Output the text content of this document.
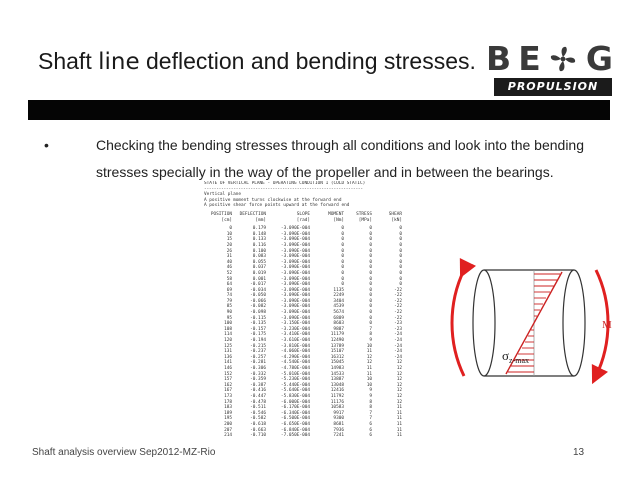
Shaft line deflection and bending stresses. B E G
PROPULSION
•	Checking the bending stresses through all conditions and look into the bending
stresses specially in the way of the propeller and in between the bearings.
STATE OF VERTICAL PLANE - OPERATING CONDITION 1 (COLD STATIC)
-----------------------------------------------------------------
Vertical plane
A positive moment turns clockwise at the forward end
A positive shear force points upward at the forward end
POSITION	DEFLECTION	SLOPE	MOMENT	STRESS	SHEAR
[cm]	[mm]	[rad]	[Nm]	[MPa]	[kN]
0	0.179	-3.090E-004	0	0	0
10	0.148	-3.090E-004	0	0	0
15	0.133	-3.090E-004	0	0	0
20	0.116	-3.090E-004	0	0	0
26	0.100	-3.090E-004	0	0	0
31	0.083	-3.090E-004	0	0	0
40	0.055	-3.090E-004	0	0	0
46	0.037	-3.090E-004	0	0	0
52	0.019	-3.090E-004	0	0	0
58	0.001	-3.090E-004	0	0	0
64	-0.017	-3.090E-004	0	0	0
69	-0.034	-3.090E-004	1135	0	-22
74	-0.050	-3.090E-004	2249	0	-22
79	-0.066	-3.090E-004	3404	0	-22
85	-0.082	-3.090E-004	4539	0	-22
90	-0.098	-3.090E-004	5674	0	-22
95	-0.115	-3.090E-004	6809	0	-22
100	-0.135	-3.150E-004	8603	0	-23
108	-0.157	-3.230E-004	9887	7	-23
114	-0.175	-3.410E-004	11179	8	-24
120	-0.194	-3.610E-004	12490	9	-24
125	-0.215	-3.810E-004	13789	10	-24
131	-0.237	-4.060E-004	15107	11	-24
136	-0.257	-4.290E-004	16312	12	-24
141	-0.281	-4.540E-004	15045	12	12
146	-0.306	-4.780E-004	14983	11	12
152	-0.332	-5.010E-004	14533	11	12
157	-0.359	-5.230E-004	13887	10	12
162	-0.387	-5.440E-004	13048	10	12
167	-0.416	-5.640E-004	12416	9	12
173	-0.447	-5.830E-004	11792	9	12
178	-0.478	-6.000E-004	11176	8	12
183	-0.511	-6.170E-004	10583	8	11
189	-0.546	-6.340E-004	9917	7	11
195	-0.582	-6.500E-004	9300	7	11
200	-0.618	-6.650E-004	8681	6	11
207	-0.663	-6.840E-004	7936	6	11
214	-0.710	-7.050E-004	7241	6	11
M
$\sigma_{z-max}$
Shaft analysis overview Sep2012-MZ-Rio	13
